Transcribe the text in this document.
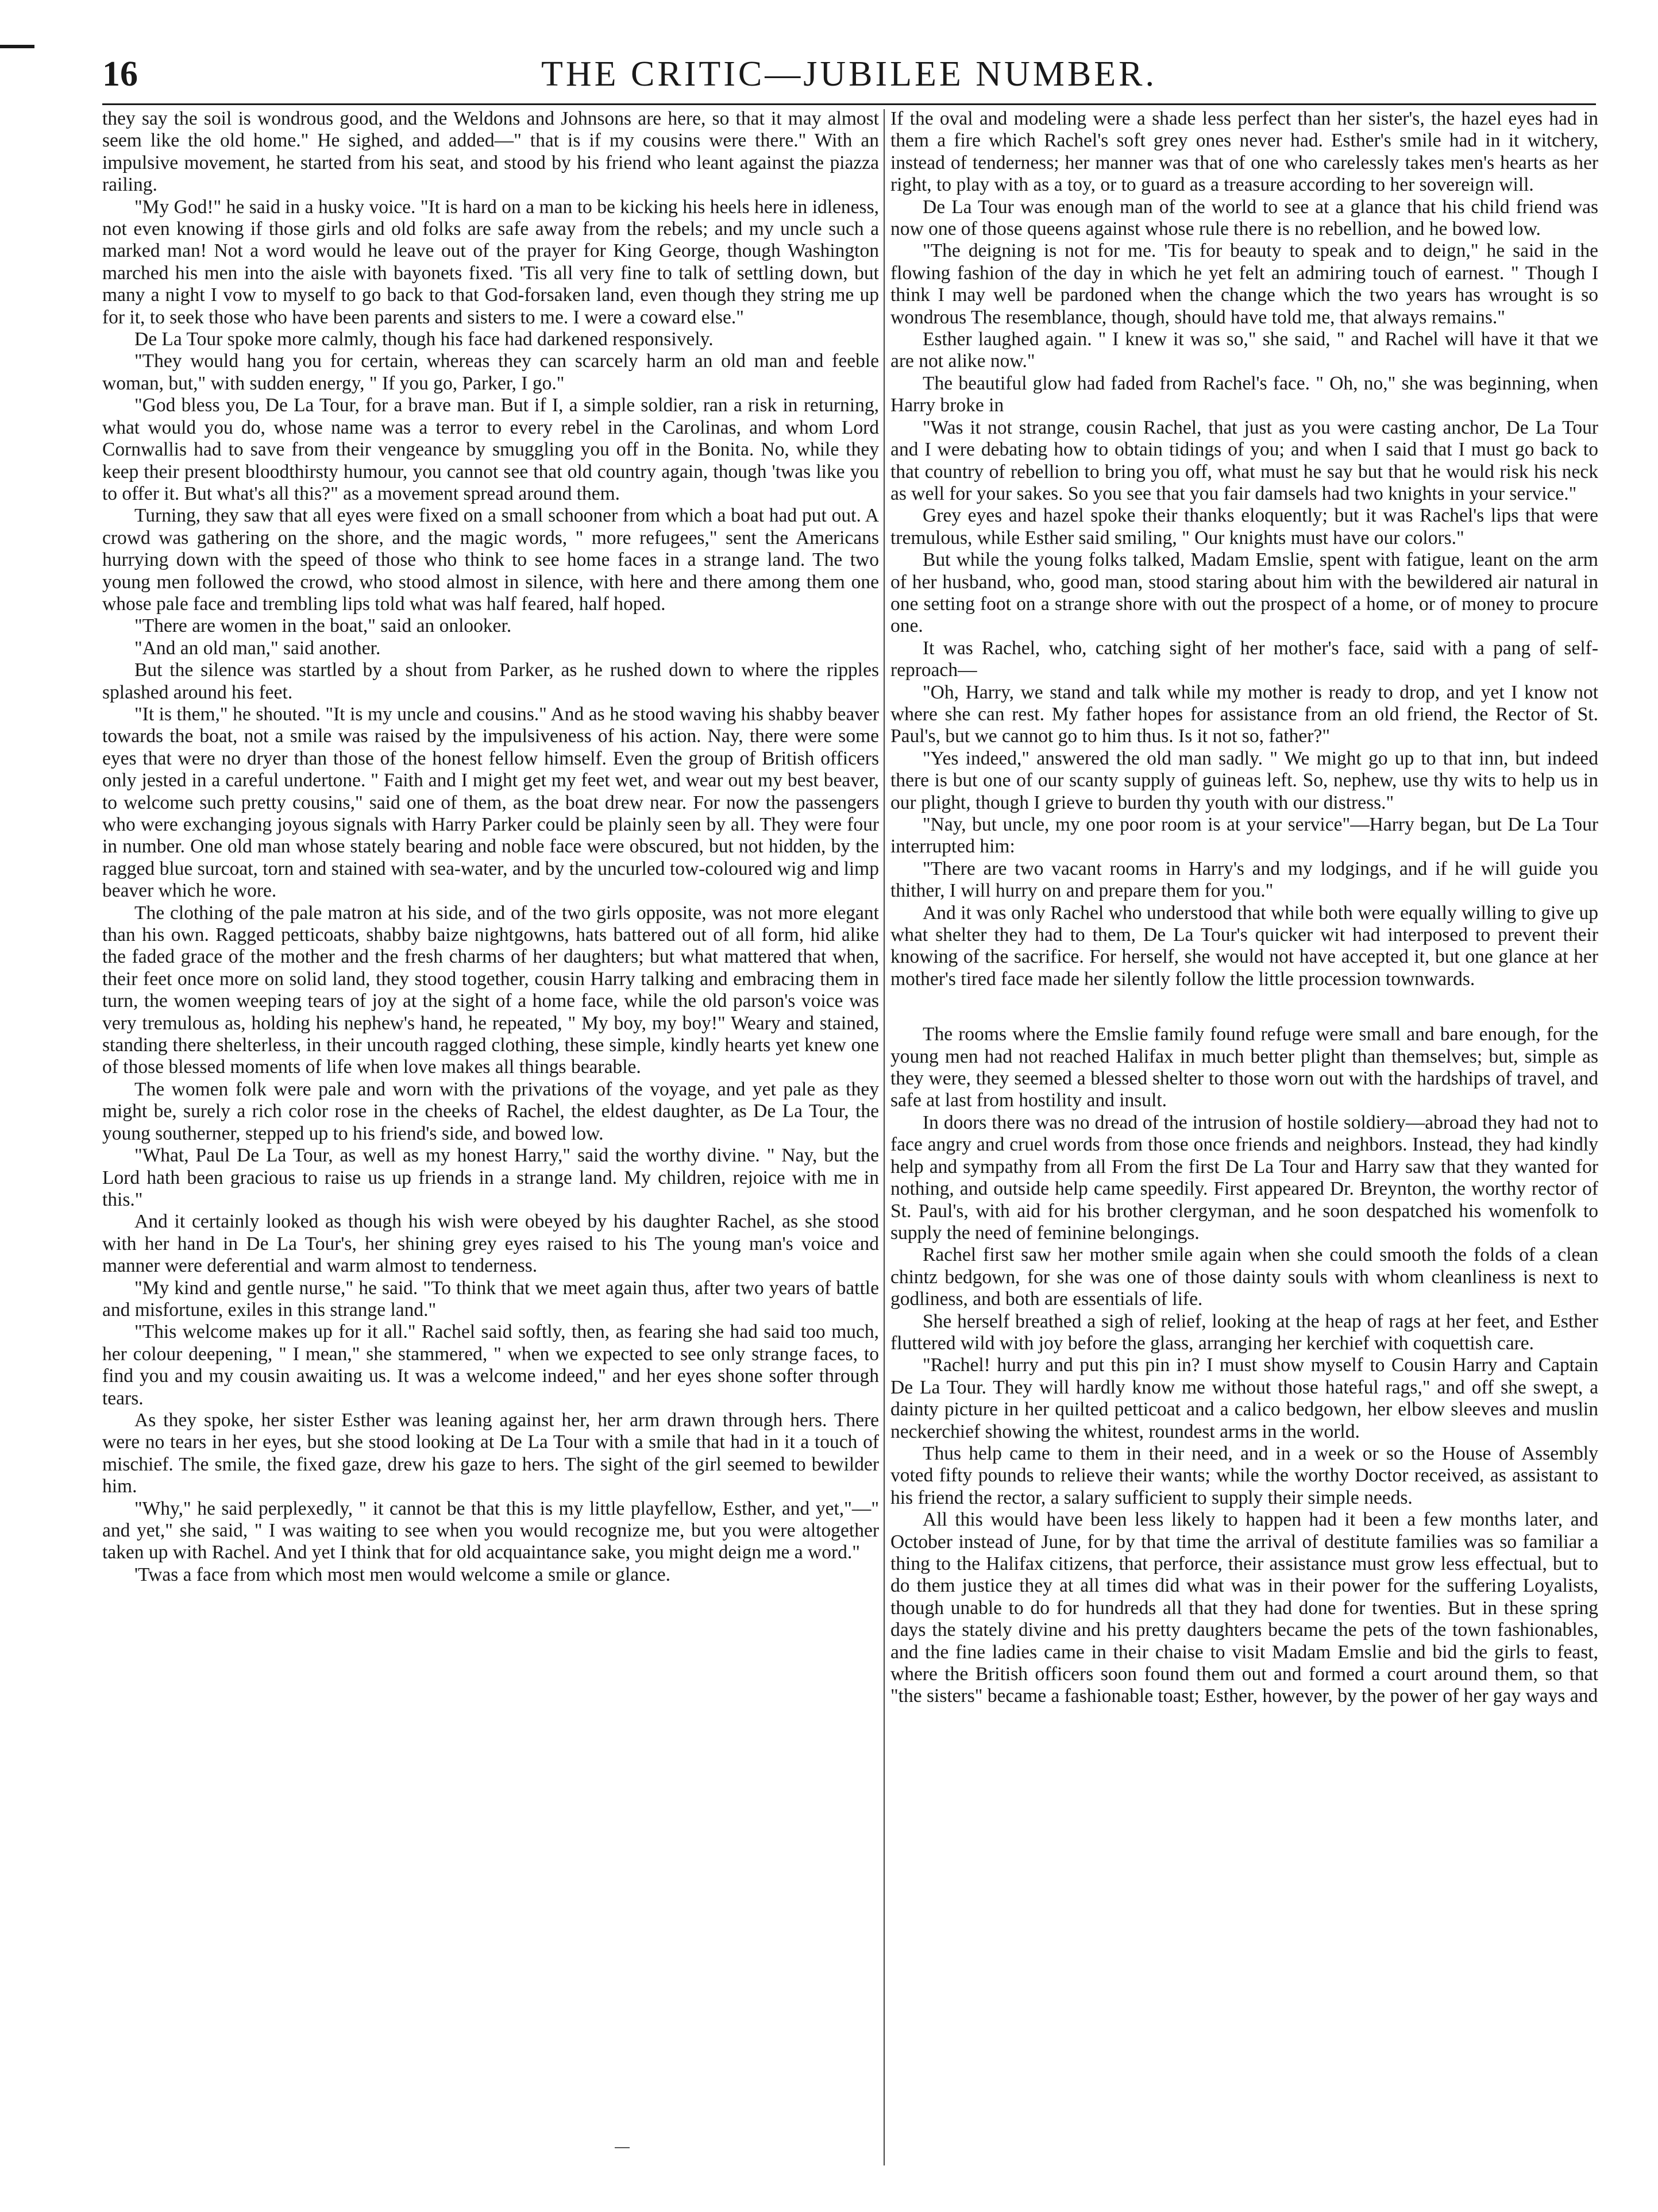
16	THE CRITIC—JUBILEE NUMBER.

they say the soil is wondrous good, and the Weldons and Johnsons are here, so that it may almost seem like the old home." He sighed, and added—" that is if my cousins were there." With an impulsive movement, he started from his seat, and stood by his friend who leant against the piazza railing.

"My God!" he said in a husky voice. "It is hard on a man to be kicking his heels here in idleness, not even knowing if those girls and old folks are safe away from the rebels; and my uncle such a marked man! Not a word would he leave out of the prayer for King George, though Washington marched his men into the aisle with bayonets fixed. 'Tis all very fine to talk of settling down, but many a night I vow to myself to go back to that God-forsaken land, even though they string me up for it, to seek those who have been parents and sisters to me. I were a coward else."

De La Tour spoke more calmly, though his face had darkened responsively.

"They would hang you for certain, whereas they can scarcely harm an old man and feeble woman, but," with sudden energy, " If you go, Parker, I go."

"God bless you, De La Tour, for a brave man. But if I, a simple soldier, ran a risk in returning, what would you do, whose name was a terror to every rebel in the Carolinas, and whom Lord Cornwallis had to save from their vengeance by smuggling you off in the Bonita. No, while they keep their present bloodthirsty humour, you cannot see that old country again, though 'twas like you to offer it. But what's all this?" as a movement spread around them.

Turning, they saw that all eyes were fixed on a small schooner from which a boat had put out. A crowd was gathering on the shore, and the magic words, " more refugees," sent the Americans hurrying down with the speed of those who think to see home faces in a strange land. The two young men followed the crowd, who stood almost in silence, with here and there among them one whose pale face and trembling lips told what was half feared, half hoped.

"There are women in the boat," said an onlooker.

"And an old man," said another.

But the silence was startled by a shout from Parker, as he rushed down to where the ripples splashed around his feet.

"It is them," he shouted. "It is my uncle and cousins." And as he stood waving his shabby beaver towards the boat, not a smile was raised by the impulsiveness of his action. Nay, there were some eyes that were no dryer than those of the honest fellow himself. Even the group of British officers only jested in a careful undertone. " Faith and I might get my feet wet, and wear out my best beaver, to welcome such pretty cousins," said one of them, as the boat drew near. For now the passengers who were exchanging joyous signals with Harry Parker could be plainly seen by all. They were four in number. One old man whose stately bearing and noble face were obscured, but not hidden, by the ragged blue surcoat, torn and stained with sea-water, and by the uncurled tow-coloured wig and limp beaver which he wore.

The clothing of the pale matron at his side, and of the two girls opposite, was not more elegant than his own. Ragged petticoats, shabby baize nightgowns, hats battered out of all form, hid alike the faded grace of the mother and the fresh charms of her daughters; but what mattered that when, their feet once more on solid land, they stood together, cousin Harry talking and embracing them in turn, the women weeping tears of joy at the sight of a home face, while the old parson's voice was very tremulous as, holding his nephew's hand, he repeated, " My boy, my boy!" Weary and stained, standing there shelterless, in their uncouth ragged clothing, these simple, kindly hearts yet knew one of those blessed moments of life when love makes all things bearable.

The women folk were pale and worn with the privations of the voyage, and yet pale as they might be, surely a rich color rose in the cheeks of Rachel, the eldest daughter, as De La Tour, the young southerner, stepped up to his friend's side, and bowed low.

"What, Paul De La Tour, as well as my honest Harry," said the worthy divine. " Nay, but the Lord hath been gracious to raise us up friends in a strange land. My children, rejoice with me in this."

And it certainly looked as though his wish were obeyed by his daughter Rachel, as she stood with her hand in De La Tour's, her shining grey eyes raised to his The young man's voice and manner were deferential and warm almost to tenderness.

"My kind and gentle nurse," he said. "To think that we meet again thus, after two years of battle and misfortune, exiles in this strange land."

"This welcome makes up for it all." Rachel said softly, then, as fearing she had said too much, her colour deepening, " I mean," she stammered, " when we expected to see only strange faces, to find you and my cousin awaiting us. It was a welcome indeed," and her eyes shone softer through tears.

As they spoke, her sister Esther was leaning against her, her arm drawn through hers. There were no tears in her eyes, but she stood looking at De La Tour with a smile that had in it a touch of mischief. The smile, the fixed gaze, drew his gaze to hers. The sight of the girl seemed to bewilder him.

"Why," he said perplexedly, " it cannot be that this is my little playfellow, Esther, and yet,"—" and yet," she said, " I was waiting to see when you would recognize me, but you were altogether taken up with Rachel. And yet I think that for old acquaintance sake, you might deign me a word."

'Twas a face from which most men would welcome a smile or glance.

If the oval and modeling were a shade less perfect than her sister's, the hazel eyes had in them a fire which Rachel's soft grey ones never had. Esther's smile had in it witchery, instead of tenderness; her manner was that of one who carelessly takes men's hearts as her right, to play with as a toy, or to guard as a treasure according to her sovereign will.

De La Tour was enough man of the world to see at a glance that his child friend was now one of those queens against whose rule there is no rebellion, and he bowed low.

"The deigning is not for me. 'Tis for beauty to speak and to deign," he said in the flowing fashion of the day in which he yet felt an admiring touch of earnest. " Though I think I may well be pardoned when the change which the two years has wrought is so wondrous The resemblance, though, should have told me, that always remains."

Esther laughed again. " I knew it was so," she said, " and Rachel will have it that we are not alike now."

The beautiful glow had faded from Rachel's face. " Oh, no," she was beginning, when Harry broke in

"Was it not strange, cousin Rachel, that just as you were casting anchor, De La Tour and I were debating how to obtain tidings of you; and when I said that I must go back to that country of rebellion to bring you off, what must he say but that he would risk his neck as well for your sakes. So you see that you fair damsels had two knights in your service."

Grey eyes and hazel spoke their thanks eloquently; but it was Rachel's lips that were tremulous, while Esther said smiling, " Our knights must have our colors."

But while the young folks talked, Madam Emslie, spent with fatigue, leant on the arm of her husband, who, good man, stood staring about him with the bewildered air natural in one setting foot on a strange shore with out the prospect of a home, or of money to procure one.

It was Rachel, who, catching sight of her mother's face, said with a pang of self-reproach—

"Oh, Harry, we stand and talk while my mother is ready to drop, and yet I know not where she can rest. My father hopes for assistance from an old friend, the Rector of St. Paul's, but we cannot go to him thus. Is it not so, father?"

"Yes indeed," answered the old man sadly. " We might go up to that inn, but indeed there is but one of our scanty supply of guineas left. So, nephew, use thy wits to help us in our plight, though I grieve to burden thy youth with our distress."

"Nay, but uncle, my one poor room is at your service"—Harry began, but De La Tour interrupted him:

"There are two vacant rooms in Harry's and my lodgings, and if he will guide you thither, I will hurry on and prepare them for you."

And it was only Rachel who understood that while both were equally willing to give up what shelter they had to them, De La Tour's quicker wit had interposed to prevent their knowing of the sacrifice. For herself, she would not have accepted it, but one glance at her mother's tired face made her silently follow the little procession townwards.

The rooms where the Emslie family found refuge were small and bare enough, for the young men had not reached Halifax in much better plight than themselves; but, simple as they were, they seemed a blessed shelter to those worn out with the hardships of travel, and safe at last from hostility and insult.

In doors there was no dread of the intrusion of hostile soldiery—abroad they had not to face angry and cruel words from those once friends and neighbors. Instead, they had kindly help and sympathy from all From the first De La Tour and Harry saw that they wanted for nothing, and outside help came speedily. First appeared Dr. Breynton, the worthy rector of St. Paul's, with aid for his brother clergyman, and he soon despatched his womenfolk to supply the need of feminine belongings.

Rachel first saw her mother smile again when she could smooth the folds of a clean chintz bedgown, for she was one of those dainty souls with whom cleanliness is next to godliness, and both are essentials of life.

She herself breathed a sigh of relief, looking at the heap of rags at her feet, and Esther fluttered wild with joy before the glass, arranging her kerchief with coquettish care.

"Rachel! hurry and put this pin in? I must show myself to Cousin Harry and Captain De La Tour. They will hardly know me without those hateful rags," and off she swept, a dainty picture in her quilted petticoat and a calico bedgown, her elbow sleeves and muslin neckerchief showing the whitest, roundest arms in the world.

Thus help came to them in their need, and in a week or so the House of Assembly voted fifty pounds to relieve their wants; while the worthy Doctor received, as assistant to his friend the rector, a salary sufficient to supply their simple needs.

All this would have been less likely to happen had it been a few months later, and October instead of June, for by that time the arrival of destitute families was so familiar a thing to the Halifax citizens, that perforce, their assistance must grow less effectual, but to do them justice they at all times did what was in their power for the suffering Loyalists, though unable to do for hundreds all that they had done for twenties. But in these spring days the stately divine and his pretty daughters became the pets of the town fashionables, and the fine ladies came in their chaise to visit Madam Emslie and bid the girls to feast, where the British officers soon found them out and formed a court around them, so that "the sisters" became a fashionable toast; Esther, however, by the power of her gay ways and
